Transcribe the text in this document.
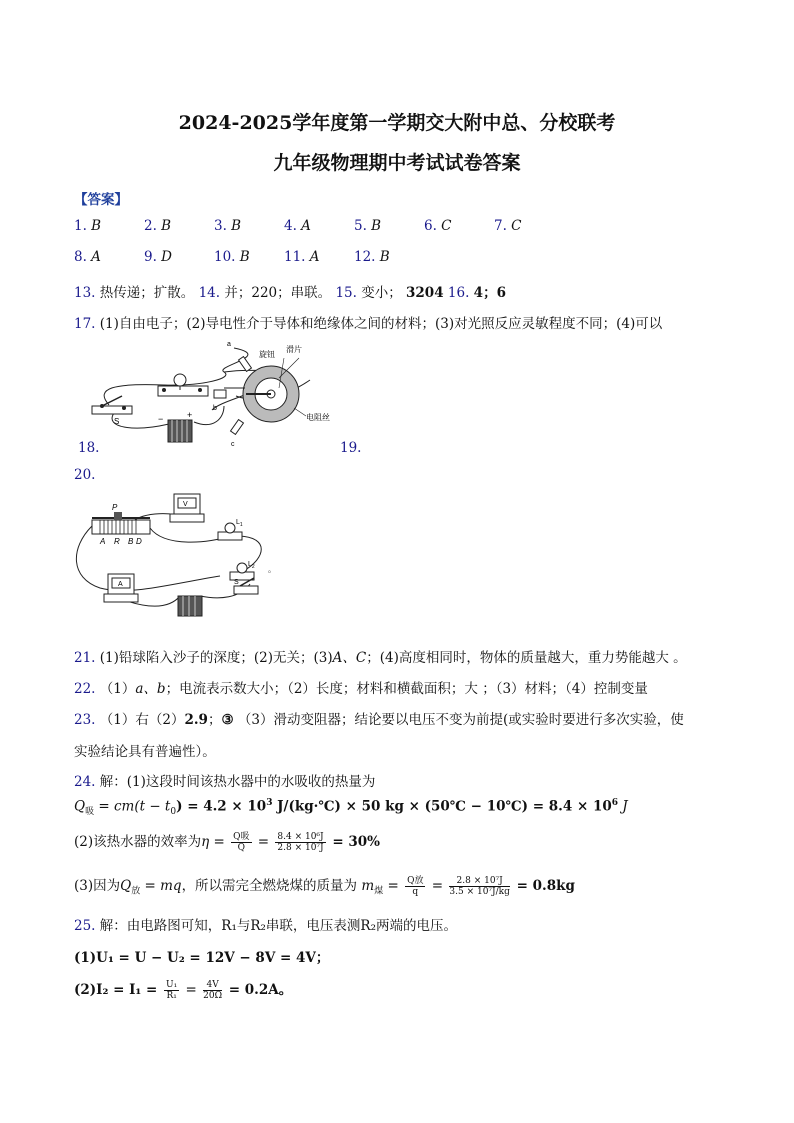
2024-2025学年度第一学期交大附中总、分校联考
九年级物理期中考试试卷答案
【答案】
1. B	2. B	3. B	4. A	5. B	6. C	7. C
8. A	9. D	10. B	11. A	12. B
13. 热传递；扩散。 14. 并；220；串联。 15. 变小； 3204 16. 4；6
17. (1)自由电子；(2)导电性介于导体和绝缘体之间的材料；(3)对光照反应灵敏程度不同；(4)可以
S	−	+
旋钮
滑片
电阻丝
a
b
c
18.	19.
20.
P
A R B D
V
$L_1$
$L_2$ 。
A	S
21. (1)铅球陷入沙子的深度；(2)无关；(3)A、C；(4)高度相同时，物体的质量越大，重力势能越大 。
22. （1）a、b；电流表示数大小；（2）长度；材料和横截面积；大 ；（3）材料；（4）控制变量
23. （1）右（2）2.9；③ （3）滑动变阻器；结论要以电压不变为前提(或实验时要进行多次实验，使
实验结论具有普遍性）。
24. 解：(1)这段时间该热水器中的水吸收的热量为
$Q_吸 = cm(t - t_0) = 4.2 \times 10^3$ J/(kg·℃) × 50 kg × (50℃ − 10℃) = $8.4 \times 10^6$ J
(2)该热水器的效率为$\eta = \frac{\text{Q吸}}{Q} = \frac{\text{8.4 × 10⁶J}}{\text{2.8 × 10⁷J}} = 30\%$
(3)因为$Q_放$ = mq，所以需完全燃烧煤的质量为 $m_煤 = \frac{\text{Q放}}{q} = \frac{\text{2.8 × 10⁷J}}{\text{3.5 × 10⁷J/kg}} = 0.8kg$
25. 解：由电路图可知，R₁与R₂串联，电压表测R₂两端的电压。
(1)U₁ = U − U₂ = 12V − 8V = 4V；
$(2)I_2 = I_1 = \frac{\text{U₁}}{\text{R₁}} = \frac{4V}{20\Omega} = 0.2A$。
